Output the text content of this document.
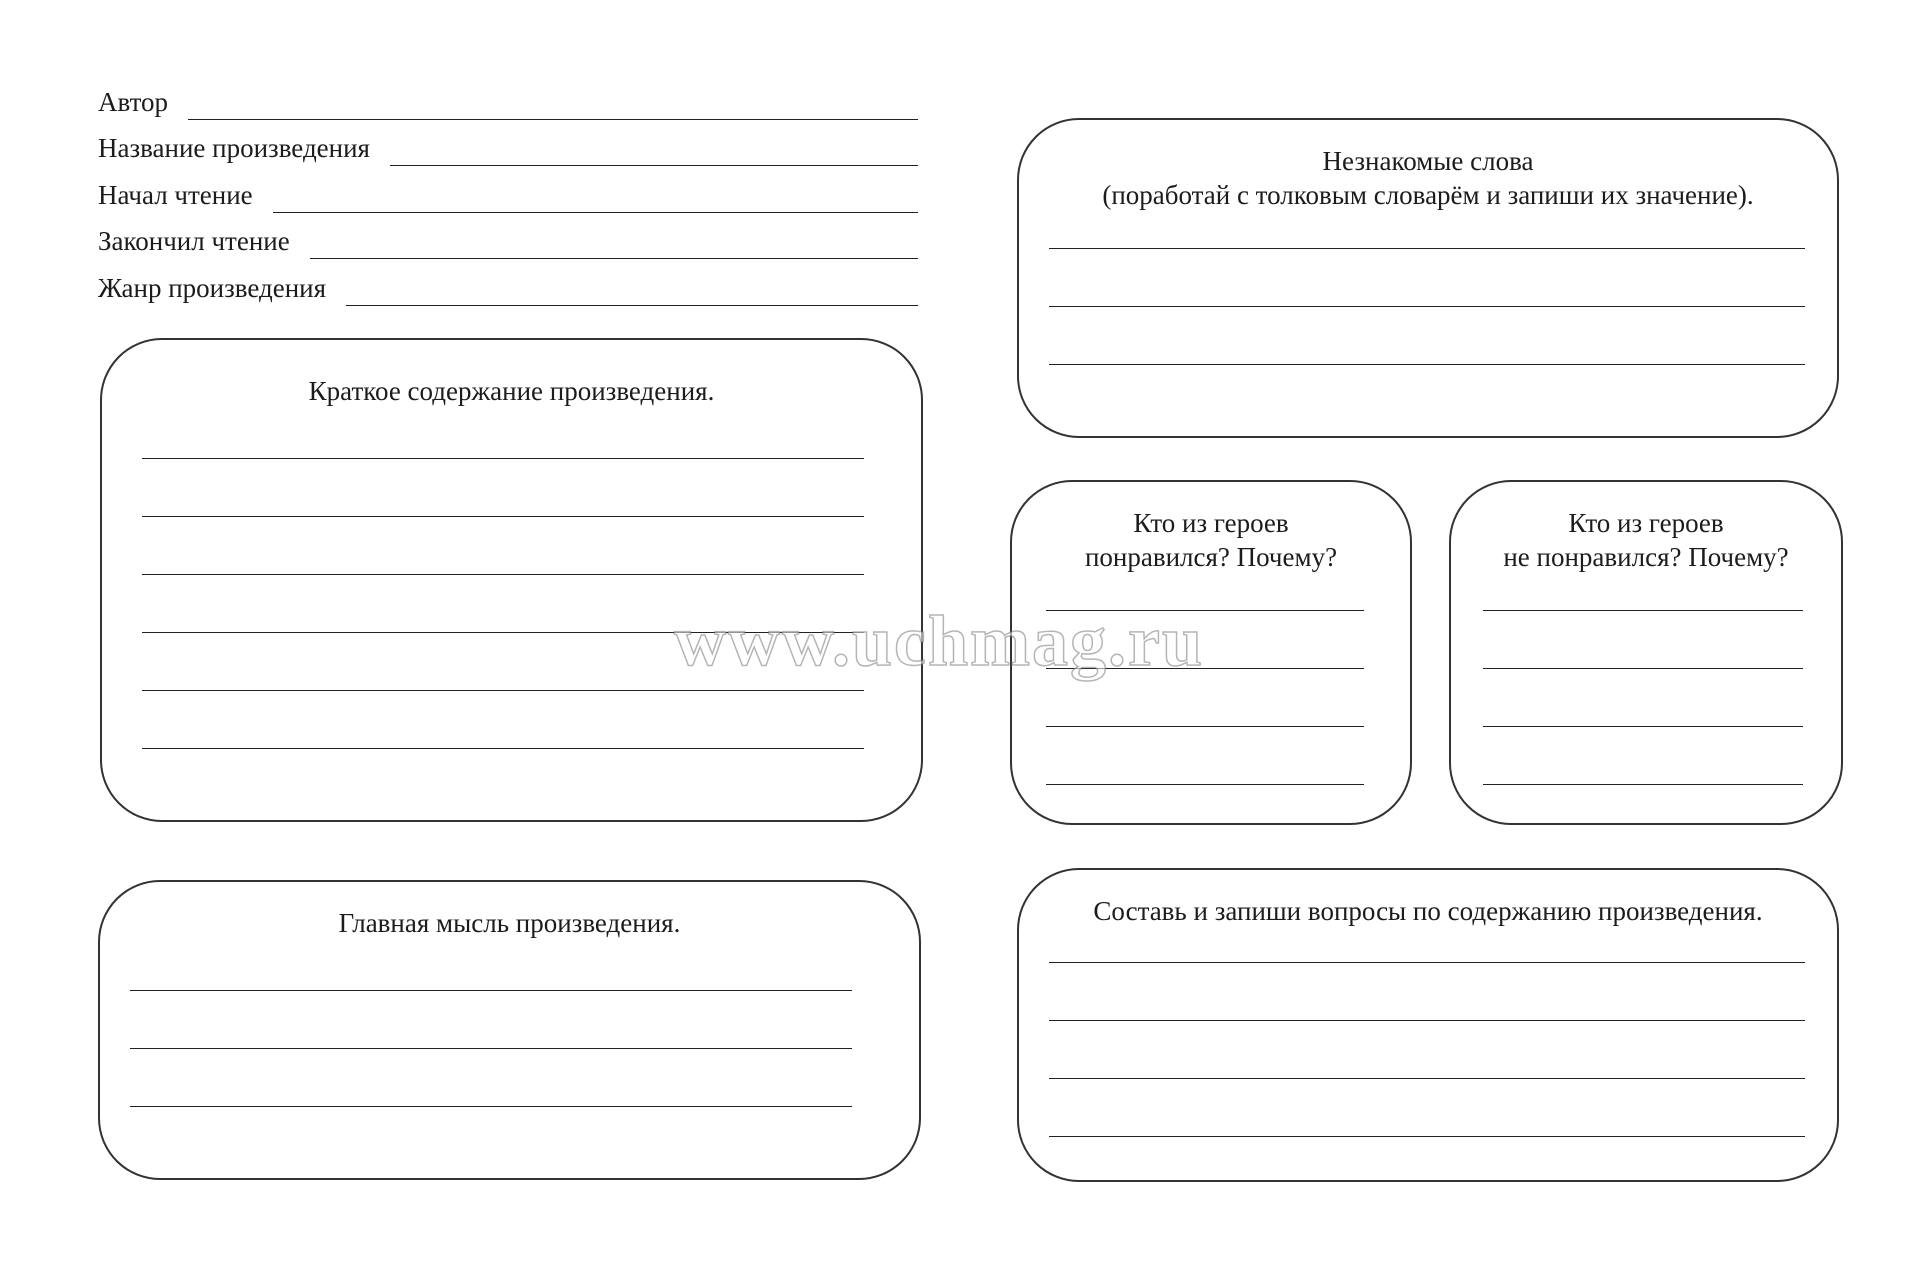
Автор
Название произведения
Начал чтение
Закончил чтение
Жанр произведения
Краткое содержание произведения.
Главная мысль произведения.
Незнакомые слова
(поработай с толковым словарём и запиши их значение).
Кто из героев
понравился? Почему?
Кто из героев
не понравился? Почему?
Составь и запиши вопросы по содержанию произведения.
www.uchmag.ru
